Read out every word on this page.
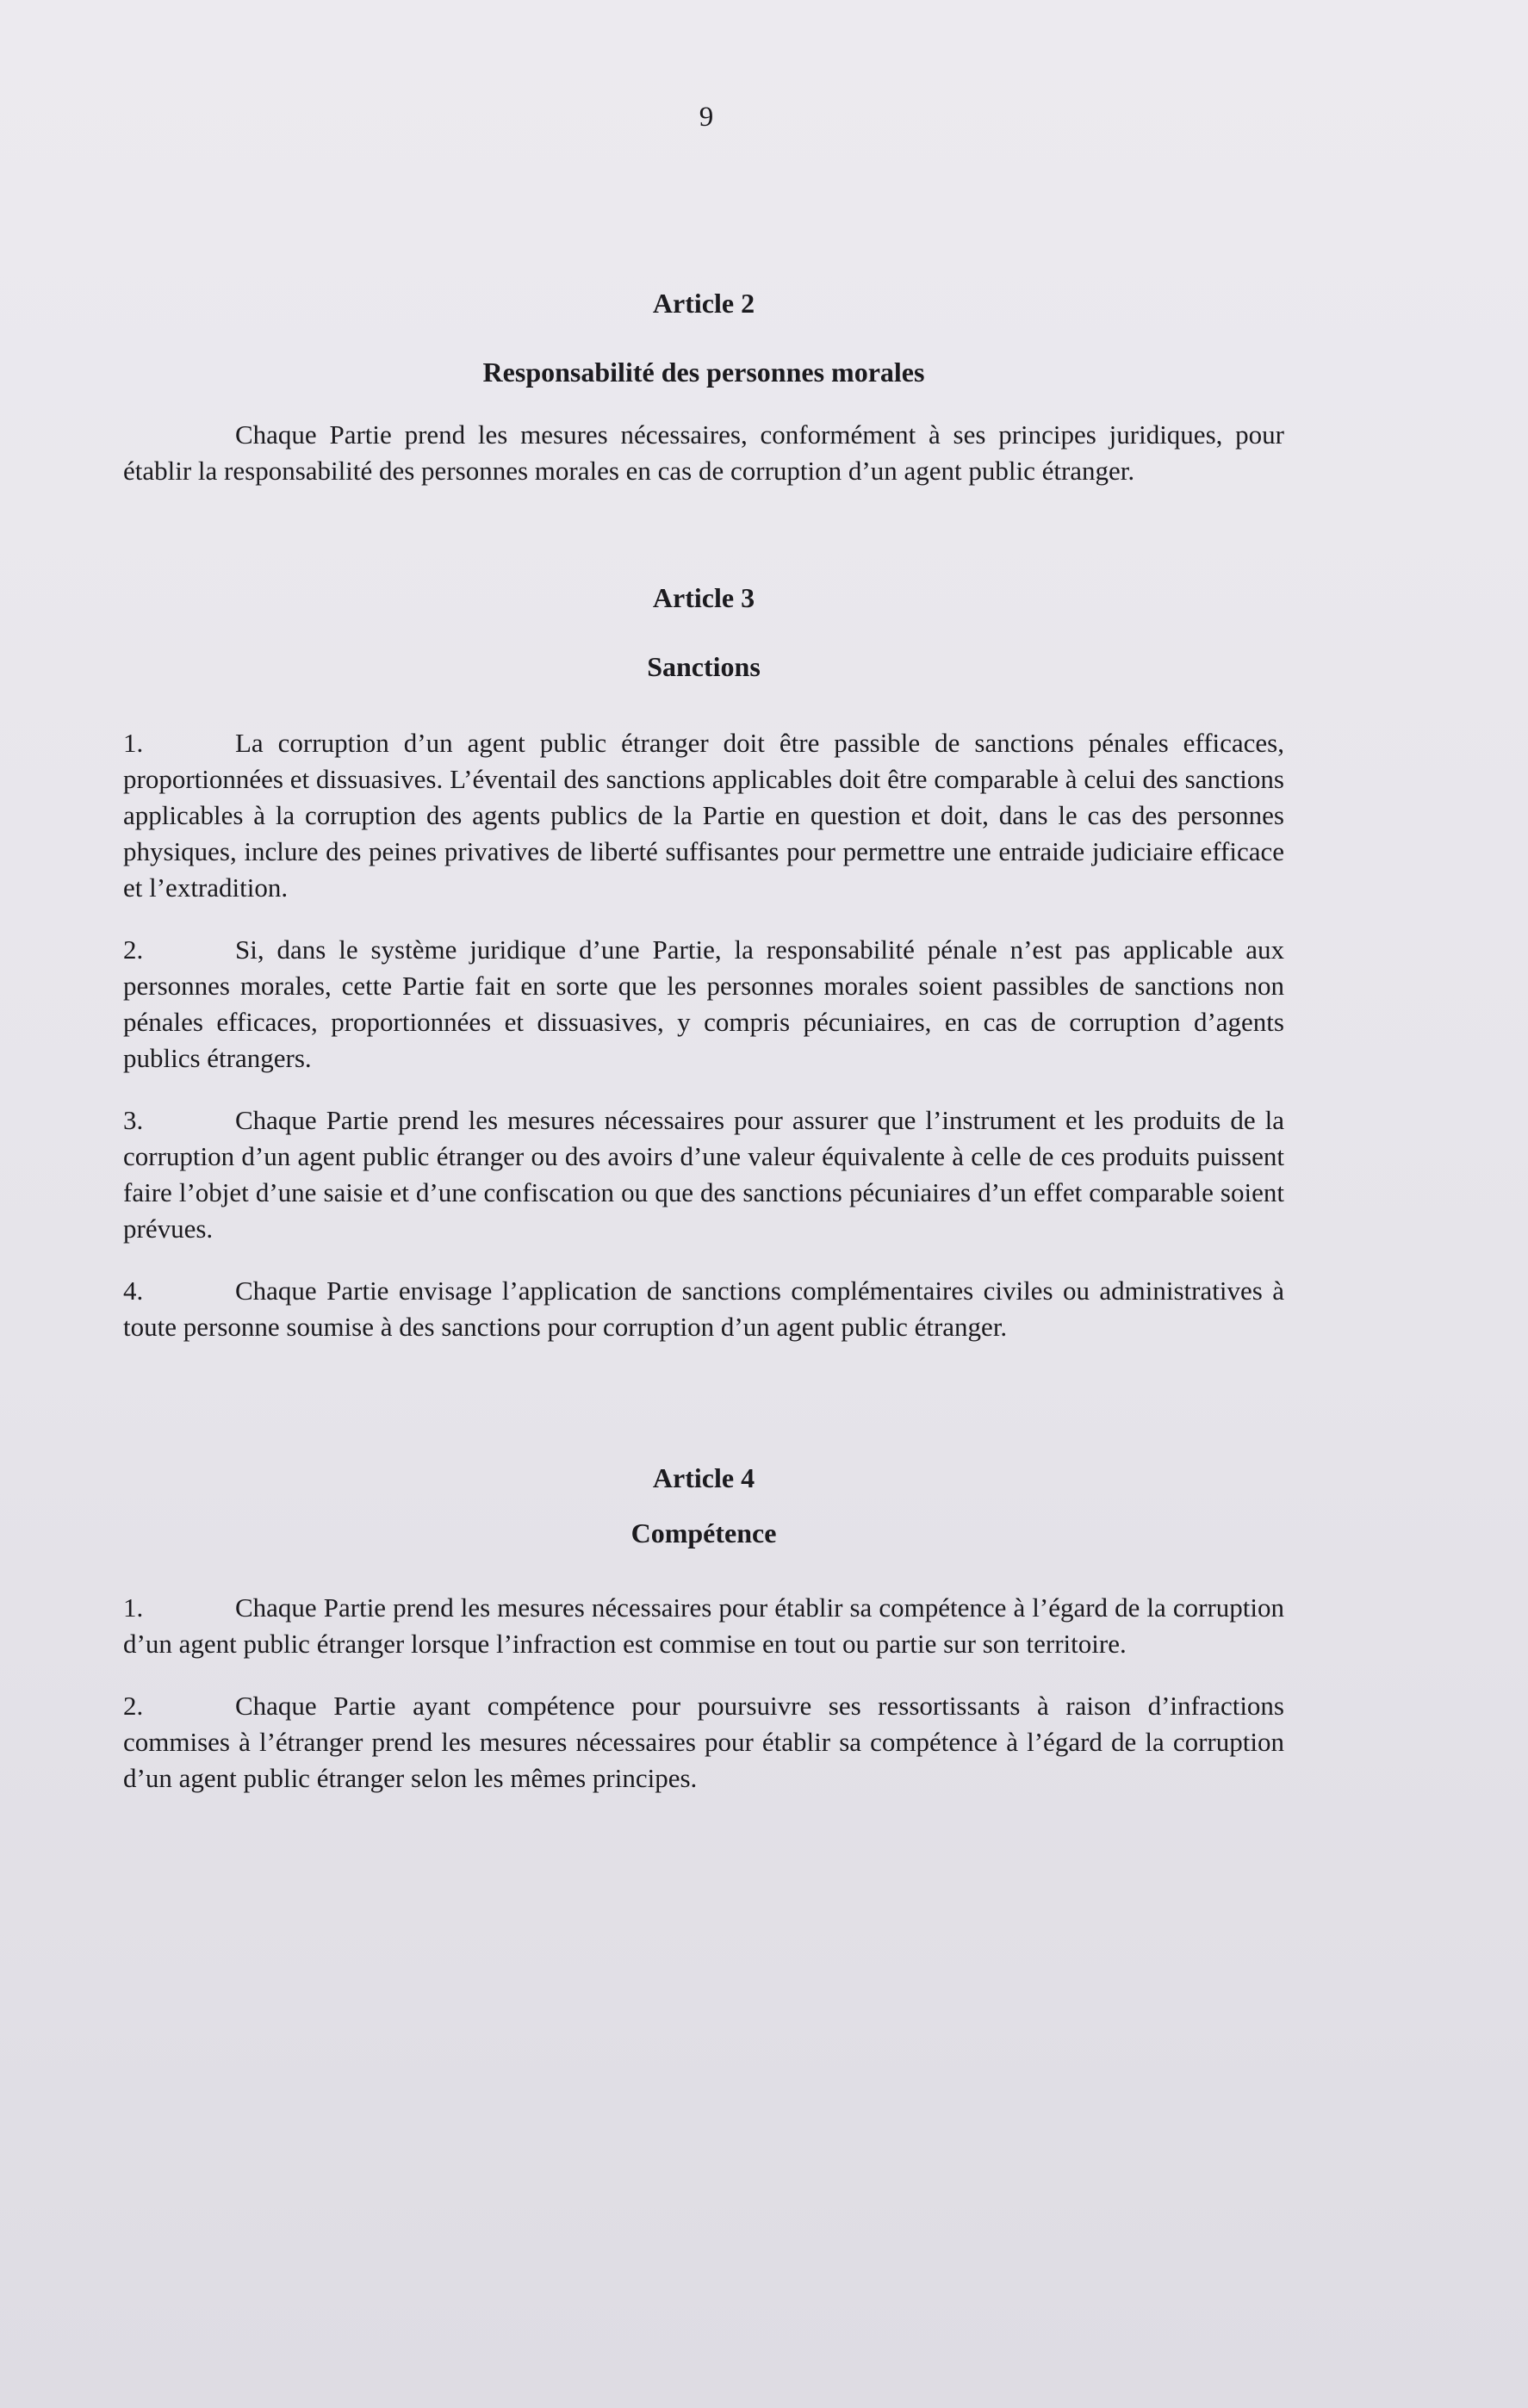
9
Article 2
Responsabilité des personnes morales

Chaque Partie prend les mesures nécessaires, conformément à ses principes juridiques, pour établir la responsabilité des personnes morales en cas de corruption d’un agent public étranger.

Article 3
Sanctions

1.	La corruption d’un agent public étranger doit être passible de sanctions pénales efficaces, proportionnées et dissuasives. L’éventail des sanctions applicables doit être comparable à celui des sanctions applicables à la corruption des agents publics de la Partie en question et doit, dans le cas des personnes physiques, inclure des peines privatives de liberté suffisantes pour permettre une entraide judiciaire efficace et l’extradition.

2.	Si, dans le système juridique d’une Partie, la responsabilité pénale n’est pas applicable aux personnes morales, cette Partie fait en sorte que les personnes morales soient passibles de sanctions non pénales efficaces, proportionnées et dissuasives, y compris pécuniaires, en cas de corruption d’agents publics étrangers.

3.	Chaque Partie prend les mesures nécessaires pour assurer que l’instrument et les produits de la corruption d’un agent public étranger ou des avoirs d’une valeur équivalente à celle de ces produits puissent faire l’objet d’une saisie et d’une confiscation ou que des sanctions pécuniaires d’un effet comparable soient prévues.

4.	Chaque Partie envisage l’application de sanctions complémentaires civiles ou administratives à toute personne soumise à des sanctions pour corruption d’un agent public étranger.

Article 4
Compétence

1.	Chaque Partie prend les mesures nécessaires pour établir sa compétence à l’égard de la corruption d’un agent public étranger lorsque l’infraction est commise en tout ou partie sur son territoire.

2.	Chaque Partie ayant compétence pour poursuivre ses ressortissants à raison d’infractions commises à l’étranger prend les mesures nécessaires pour établir sa compétence à l’égard de la corruption d’un agent public étranger selon les mêmes principes.
